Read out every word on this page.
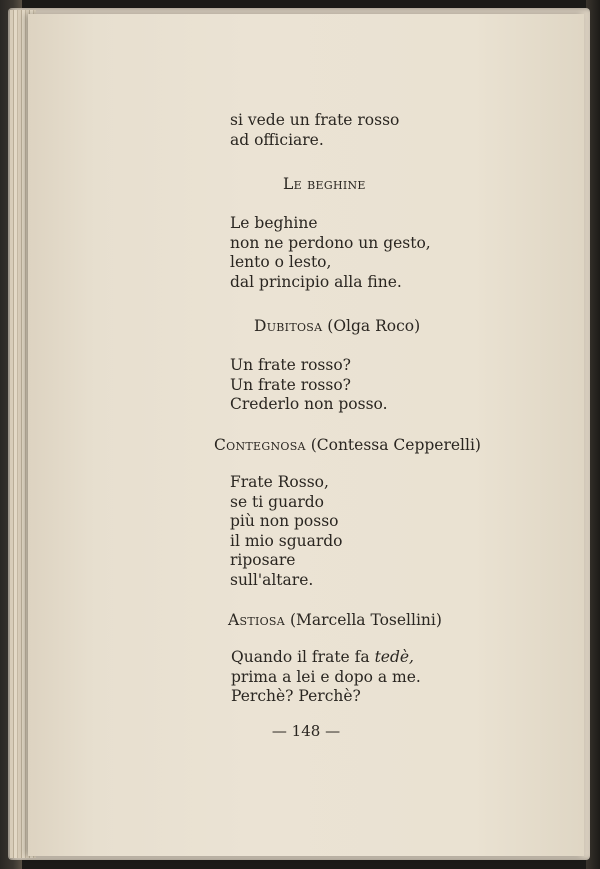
si vede un frate rosso
ad officiare.
Le beghine
Le beghine
non ne perdono un gesto,
lento o lesto,
dal principio alla fine.
Dubitosa (Olga Roco)
Un frate rosso?
Un frate rosso?
Crederlo non posso.
Contegnosa (Contessa Cepperelli)
Frate Rosso,
se ti guardo
più non posso
il mio sguardo
riposare
sull'altare.
Astiosa (Marcella Tosellini)
Quando il frate fa tedè,
prima a lei e dopo a me.
Perchè? Perchè?
— 148 —
